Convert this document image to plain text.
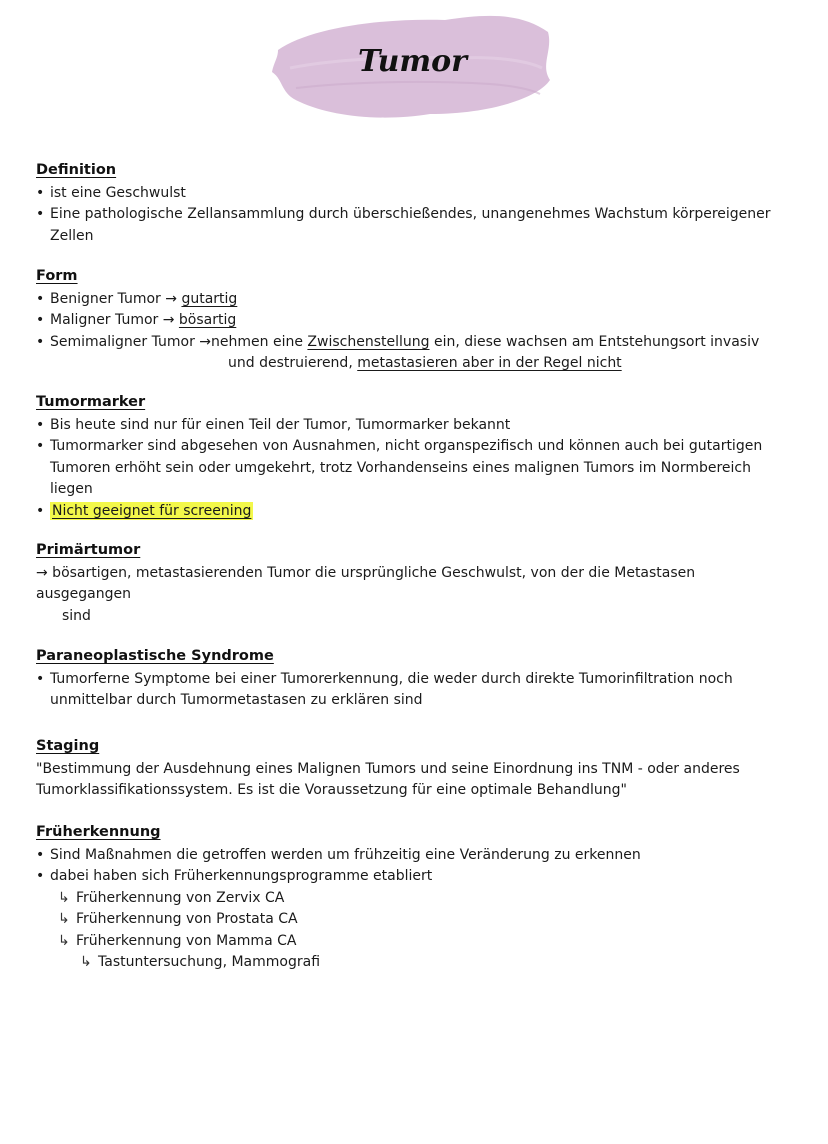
Tumor
Definition
• ist eine Geschwulst
• Eine pathologische Zellansammlung durch überschießendes, unangenehmes Wachstum körpereigener Zellen
Form
• Benigner Tumor → gutartig
• Maligner Tumor → bösartig
• Semimaligner Tumor →nehmen eine Zwischenstellung ein, diese wachsen am Entstehungsort invasiv
und destruierend, metastasieren aber in der Regel nicht
Tumormarker
• Bis heute sind nur für einen Teil der Tumor, Tumormarker bekannt
• Tumormarker sind abgesehen von Ausnahmen, nicht organspezifisch und können auch bei gutartigen
Tumoren erhöht sein oder umgekehrt, trotz Vorhandenseins eines malignen Tumors im Normbereich
liegen
• Nicht geeignet für screening
Primärtumor
→ bösartigen, metastasierenden Tumor die ursprüngliche Geschwulst, von der die Metastasen
ausgegangen
sind
Paraneoplastische Syndrome
• Tumorferne Symptome bei einer Tumorerkennung, die weder durch direkte Tumorinfiltration noch
unmittelbar durch Tumormetastasen zu erklären sind
Staging
"Bestimmung der Ausdehnung eines Malignen Tumors und seine Einordnung ins TNM - oder anderes
Tumorklassifikationssystem. Es ist die Voraussetzung für eine optimale Behandlung"
Früherkennung
• Sind Maßnahmen die getroffen werden um frühzeitig eine Veränderung zu erkennen
• dabei haben sich Früherkennungsprogramme etabliert
↳ Früherkennung von Zervix CA
↳ Früherkennung von Prostata CA
↳ Früherkennung von Mamma CA
↳ Tastuntersuchung, Mammografi
